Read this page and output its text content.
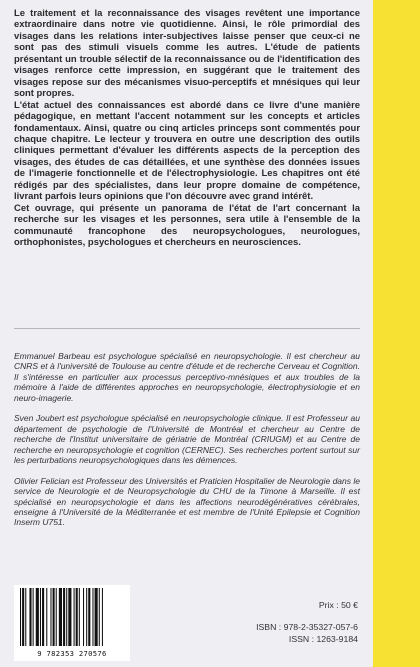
Le traitement et la reconnaissance des visages revêtent une importance extraordinaire dans notre vie quotidienne. Ainsi, le rôle primordial des visages dans les relations inter-subjectives laisse penser que ceux-ci ne sont pas des stimuli visuels comme les autres. L'étude de patients présentant un trouble sélectif de la reconnaissance ou de l'identification des visages renforce cette impression, en suggérant que le traitement des visages repose sur des mécanismes visuo-perceptifs et mnésiques qui leur sont propres.

L'état actuel des connaissances est abordé dans ce livre d'une manière pédagogique, en mettant l'accent notamment sur les concepts et articles fondamentaux. Ainsi, quatre ou cinq articles princeps sont commentés pour chaque chapitre. Le lecteur y trouvera en outre une description des outils cliniques permettant d'évaluer les différents aspects de la perception des visages, des études de cas détaillées, et une synthèse des données issues de l'imagerie fonctionnelle et de l'électrophysiologie. Les chapitres ont été rédigés par des spécialistes, dans leur propre domaine de compétence, livrant parfois leurs opinions que l'on découvre avec grand intérêt.

Cet ouvrage, qui présente un panorama de l'état de l'art concernant la recherche sur les visages et les personnes, sera utile à l'ensemble de la communauté francophone des neuropsychologues, neurologues, orthophonistes, psychologues et chercheurs en neurosciences.

Emmanuel Barbeau est psychologue spécialisé en neuropsychologie. Il est chercheur au CNRS et à l'université de Toulouse au centre d'étude et de recherche Cerveau et Cognition. Il s'intéresse en particulier aux processus perceptivo-mnésiques et aux troubles de la mémoire à l'aide de différentes approches en neuropsychologie, électrophysiologie et en neuro-imagerie.

Sven Joubert est psychologue spécialisé en neuropsychologie clinique. Il est Professeur au département de psychologie de l'Université de Montréal et chercheur au Centre de recherche de l'Institut universitaire de gériatrie de Montréal (CRIUGM) et au Centre de recherche en neuropsychologie et cognition (CERNEC). Ses recherches portent surtout sur les perturbations neuropsychologiques dans les démences.

Olivier Felician est Professeur des Universités et Praticien Hospitalier de Neurologie dans le service de Neurologie et de Neuropsychologie du CHU de la Timone à Marseille. Il est spécialisé en neuropsychologie et dans les affections neurodégénératives cérébrales, enseigne à l'Université de la Méditerranée et est membre de l'Unité Epilepsie et Cognition Inserm U751.

9 782353 270576
Prix : 50 €
ISBN : 978-2-35327-057-6
ISSN : 1263-9184
